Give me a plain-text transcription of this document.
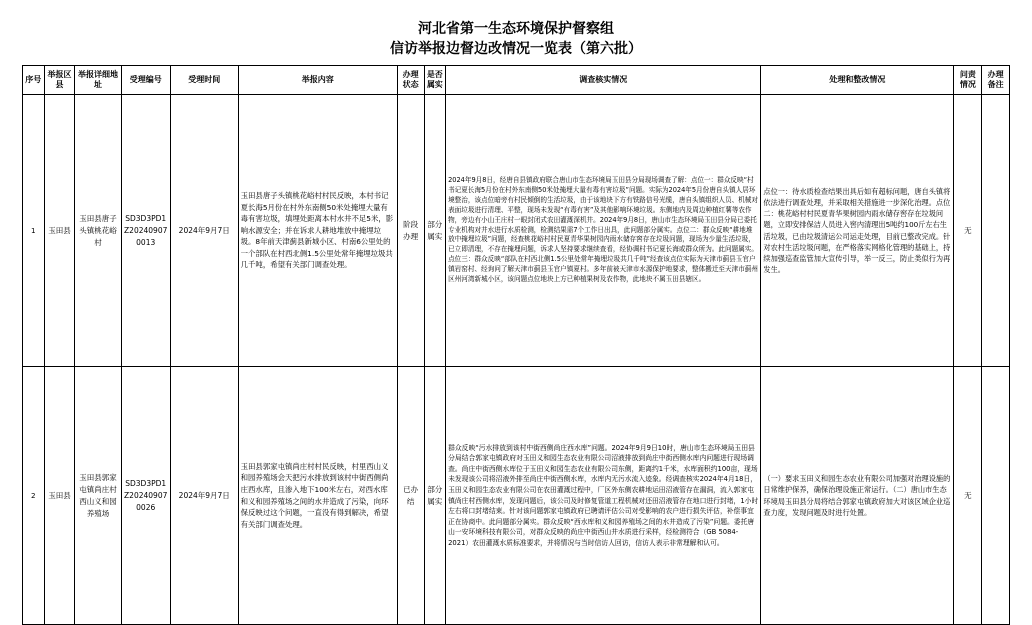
河北省第一生态环境保护督察组
信访举报边督边改情况一览表（第六批）
序号	举报区县	举报详细地址	受理编号	受理时间	举报内容	办理状态	是否属实	调查核实情况	处理和整改情况	问责情况	办理备注
1	玉田县	玉田县唐子头镇桃花峪村	SD3D3PD1Z202409070013	2024年9月7日	玉田县唐子头镇桃花峪村村民反映，本村书记夏长海5月份在村外东南侧50米处掩埋大量有毒有害垃圾，填埋处距离本村水井不足5米，影响水源安全；并在诉求人耕地堆放中掩埋垃圾。8年前天津蓟县新城小区、村南6公里处的一个部队在村西北侧1.5公里处常年掩埋垃圾共几千吨，希望有关部门调查处理。	阶段办理	部分属实	2024年9月8日，经唐自县镇政府联合唐山市生态环境局玉田县分局现场调查了解：点位一：群众反映“村书记夏长海5月份在村外东南侧50米处掩埋大量有毒有害垃圾”问题。实际为2024年5月份唐自头镇人居环境整治，该点位暗旁有村民倾倒的生活垃圾，由于该地块下方有铁路信号光缆，唐自头镇组织人员、机械对表面垃圾进行清理、平整，现场未发现“有毒有害”及其他影响环境垃圾。东侧地内及周边种植红薯等农作物，旁边有小山王庄村一眼封闭式农田灌溉深机井。2024年9月8日，唐山市生态环境局玉田县分局已委托专业机构对井水进行水质检测，检测结果需7个工作日出具，此问题部分属实。点位二：群众反映“耕地堆放中掩埋垃圾”问题，经查桃花峪村村民夏青华果树园内雨水储存窖存在垃圾问题，现场为少量生活垃圾，已立即清理，不存在掩埋问题，诉求人坚持要求继续查看，经协调村书记夏长海或群众所为。此问题属实。点位三：群众反映“部队在村西北侧1.5公里处常年掩埋垃圾共几千吨”经查该点位实际为天津市蓟县玉官户镇岩窑村、经询问了解天津市蓟县玉官户镇夏村。多年前被天津市水源保护地要求，整体搬迁至天津市蓟州区州河湾新城小区，该问题点位地块上方已种植果树及农作物，此地块不属玉田县辖区。	点位一：待水质检查结果出具后如有超标问题，唐自头镇将依法进行调查处理，并采取相关措施进一步深化治理。点位二：桃花峪村村民夏青华果树园内雨水储存窖存在垃圾问题，立即安排保洁人员进入窖内清理出5吨约100斤左右生活垃圾，已由垃圾清运公司运走处理，目前已整改完成。针对农村生活垃圾问题，在严格落实网格化管理的基础上，持续加强巡查监管加大宣传引导，举一反三，防止类似行为再发生。	无	
2	玉田县	玉田县郭家屯镇尚庄村西山义和园养殖场	SD3D3PD1Z202409070026	2024年9月7日	玉田县郭家屯镇尚庄村村民反映，村里西山义和园养殖场会天把污水排放到该村中街西侧尚庄西水库，且渗入地下100米左右，对西水库和义和园养殖场之间的水井造成了污染，向环保反映过这个问题，一直没有得到解决，希望有关部门调查处理。	已办结	部分属实	群众反映“污水排放到该村中街西侧尚庄西水库”问题。2024年9月9日10时，唐山市生态环境局玉田县分局结合郭家屯镇政府对玉田义和园生态农业有限公司沼液排放到尚庄中街西侧水库内问题进行现场调查。尚庄中街西侧水库位于玉田义和园生态农业有限公司东侧，距离约1千米，水库面积约100亩，现场未发现该公司将沼液外排至尚庄中街西侧水库，水库内无污水流入迹象。经调查核实2024年4月18日，玉田义和园生态农业有限公司在农田灌溉过程中，厂区外东侧农耕地运田沼液管存在漏洞，流入郭家屯镇尚庄村西侧水库，发现问题后，该公司及时修复管道工程机械对还田沼液管存在地口进行封堵，1小时左右将口封堵结束。针对该问题郭家屯镇政府已聘请评估公司对受影响的农户进行损失评估，补偿事宜正在协商中。此问题部分属实。群众反映“西水库和义和园养殖场之间的水井造成了污染”问题。委托唐山一安环境科技有限公司，对群众反映的尚庄中街西山井水质进行采样，经检测符合（GB 5084-2021）农田灌溉水质标准要求，并将情况与当时信访人回访，信访人表示非常理解和认可。	（一）要求玉田义和园生态农业有限公司加强对治理设施的日常维护保养，确保治理设施正常运行。（二）唐山市生态环境局玉田县分局将结合郭家屯镇政府加大对该区域企业巡查力度，发现问题及时进行处置。	无	
